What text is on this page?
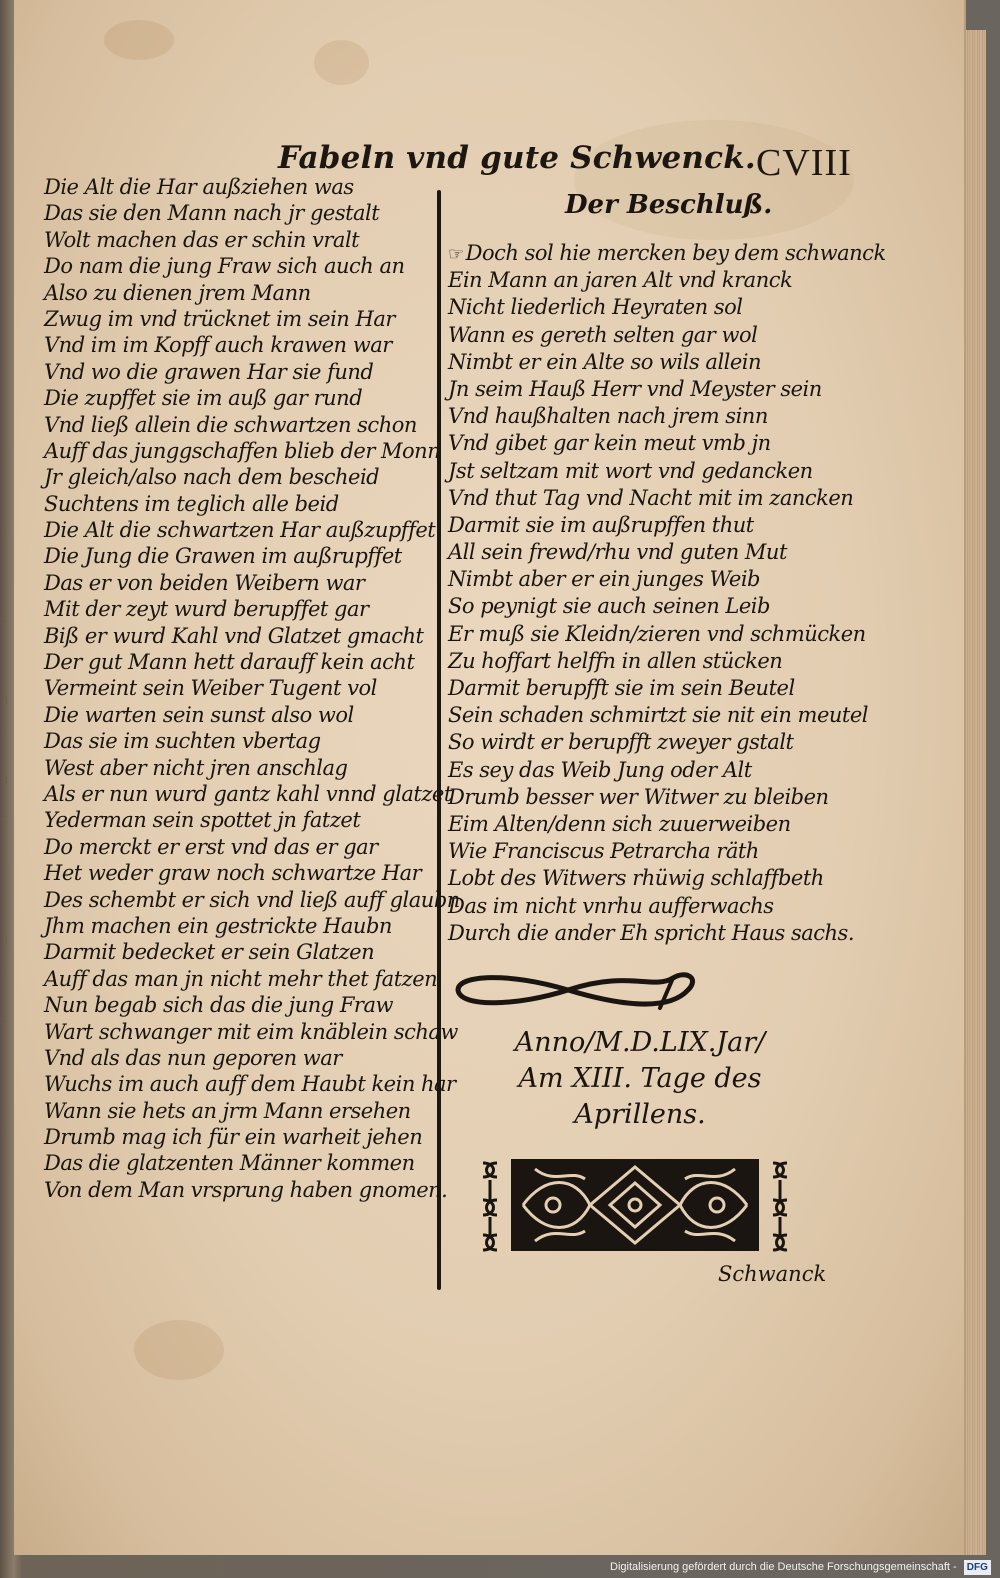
,
l
:
t
l
f
:
s
l
n
f
h
c
l
t
h
f
s
.
:
f
,
Fabeln vnd gute Schwenck. CVIII
Die Alt die Har außziehen was
Das sie den Mann nach jr gestalt
Wolt machen das er schin vralt
Do nam die jung Fraw sich auch an
Also zu dienen jrem Mann
Zwug im vnd trücknet im sein Har
Vnd im im Kopff auch krawen war
Vnd wo die grawen Har sie fund
Die zupffet sie im auß gar rund
Vnd ließ allein die schwartzen schon
Auff das junggschaffen blieb der Monn
Jr gleich/also nach dem bescheid
Suchtens im teglich alle beid
Die Alt die schwartzen Har außzupffet
Die Jung die Grawen im außrupffet
Das er von beiden Weibern war
Mit der zeyt wurd berupffet gar
Biß er wurd Kahl vnd Glatzet gmacht
Der gut Mann hett darauff kein acht
Vermeint sein Weiber Tugent vol
Die warten sein sunst also wol
Das sie im suchten vbertag
West aber nicht jren anschlag
Als er nun wurd gantz kahl vnnd glatzet
Yederman sein spottet jn fatzet
Do merckt er erst vnd das er gar
Het weder graw noch schwartze Har
Des schembt er sich vnd ließ auff glaubn
Jhm machen ein gestrickte Haubn
Darmit bedecket er sein Glatzen
Auff das man jn nicht mehr thet fatzen
Nun begab sich das die jung Fraw
Wart schwanger mit eim knäblein schaw
Vnd als das nun geporen war
Wuchs im auch auff dem Haubt kein har
Wann sie hets an jrm Mann ersehen
Drumb mag ich für ein warheit jehen
Das die glatzenten Männer kommen
Von dem Man vrsprung haben gnomen.
Der Beschluß.
☞Doch sol hie mercken bey dem schwanck
Ein Mann an jaren Alt vnd kranck
Nicht liederlich Heyraten sol
Wann es gereth selten gar wol
Nimbt er ein Alte so wils allein
Jn seim Hauß Herr vnd Meyster sein
Vnd haußhalten nach jrem sinn
Vnd gibet gar kein meut vmb jn
Jst seltzam mit wort vnd gedancken
Vnd thut Tag vnd Nacht mit im zancken
Darmit sie im außrupffen thut
All sein frewd/rhu vnd guten Mut
Nimbt aber er ein junges Weib
So peynigt sie auch seinen Leib
Er muß sie Kleidn/zieren vnd schmücken
Zu hoffart helffn in allen stücken
Darmit berupfft sie im sein Beutel
Sein schaden schmirtzt sie nit ein meutel
So wirdt er berupfft zweyer gstalt
Es sey das Weib Jung oder Alt
Drumb besser wer Witwer zu bleiben
Eim Alten/denn sich zuuerweiben
Wie Franciscus Petrarcha räth
Lobt des Witwers rhüwig schlaffbeth
Das im nicht vnrhu aufferwachs
Durch die ander Eh spricht Haus sachs.
Anno/M.D.LIX.Jar/
Am XIII. Tage des
Aprillens.
Schwanck
Digitalisierung gefördert durch die Deutsche Forschungsgemeinschaft - DFG
